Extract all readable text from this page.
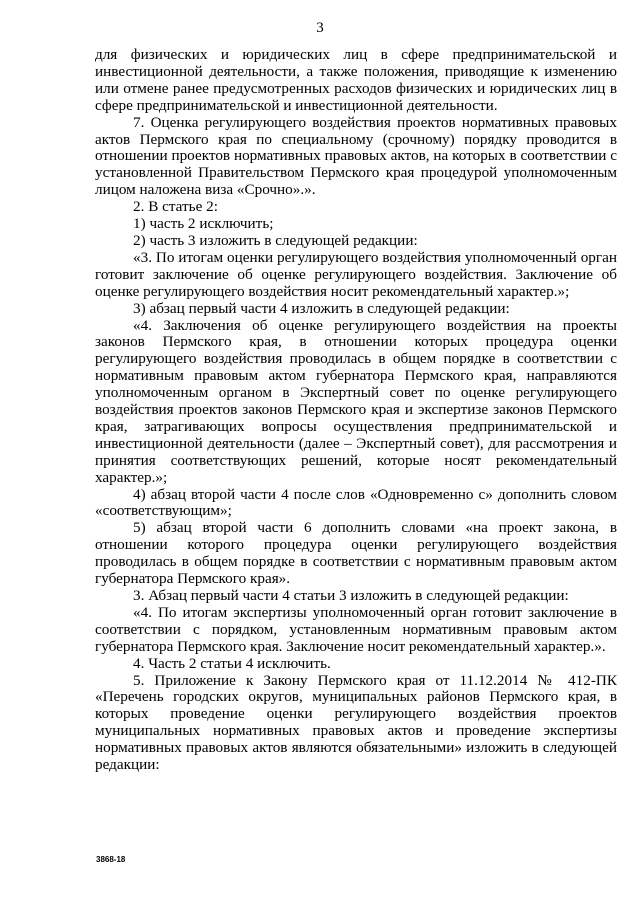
3

для физических и юридических лиц в сфере предпринимательской и инвестиционной деятельности, а также положения, приводящие к изменению или отмене ранее предусмотренных расходов физических и юридических лиц в сфере предпринимательской и инвестиционной деятельности.

7. Оценка регулирующего воздействия проектов нормативных правовых актов Пермского края по специальному (срочному) порядку проводится в отношении проектов нормативных правовых актов, на которых в соответствии с установленной Правительством Пермского края процедурой уполномоченным лицом наложена виза «Срочно».».

2. В статье 2:

1) часть 2 исключить;

2) часть 3 изложить в следующей редакции:

«3. По итогам оценки регулирующего воздействия уполномоченный орган готовит заключение об оценке регулирующего воздействия. Заключение об оценке регулирующего воздействия носит рекомендательный характер.»;

3) абзац первый части 4 изложить в следующей редакции:

«4. Заключения об оценке регулирующего воздействия на проекты законов Пермского края, в отношении которых процедура оценки регулирующего воздействия проводилась в общем порядке в соответствии с нормативным правовым актом губернатора Пермского края, направляются уполномоченным органом в Экспертный совет по оценке регулирующего воздействия проектов законов Пермского края и экспертизе законов Пермского края, затрагивающих вопросы осуществления предпринимательской и инвестиционной деятельности (далее – Экспертный совет), для рассмотрения и принятия соответствующих решений, которые носят рекомендательный характер.»;

4) абзац второй части 4 после слов «Одновременно с» дополнить словом «соответствующим»;

5) абзац второй части 6 дополнить словами «на проект закона, в отношении которого процедура оценки регулирующего воздействия проводилась в общем порядке в соответствии с нормативным правовым актом губернатора Пермского края».

3. Абзац первый части 4 статьи 3 изложить в следующей редакции:

«4. По итогам экспертизы уполномоченный орган готовит заключение в соответствии с порядком, установленным нормативным правовым актом губернатора Пермского края. Заключение носит рекомендательный характер.».

4. Часть 2 статьи 4 исключить.

5. Приложение к Закону Пермского края от 11.12.2014 № 412-ПК «Перечень городских округов, муниципальных районов Пермского края, в которых проведение оценки регулирующего воздействия проектов муниципальных нормативных правовых актов и проведение экспертизы нормативных правовых актов являются обязательными» изложить в следующей редакции:

3868-18
